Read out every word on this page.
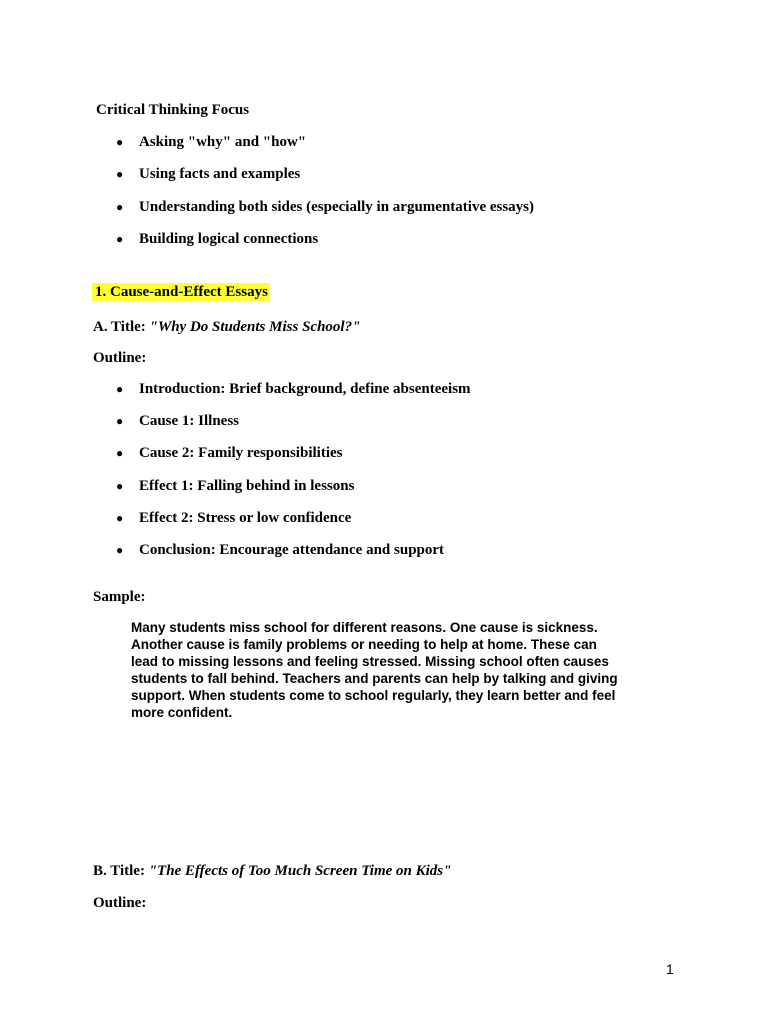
Critical Thinking Focus
● Asking "why" and "how"
● Using facts and examples
● Understanding both sides (especially in argumentative essays)
● Building logical connections
1. Cause-and-Effect Essays
A. Title: "Why Do Students Miss School?"
Outline:
● Introduction: Brief background, define absenteeism
● Cause 1: Illness
● Cause 2: Family responsibilities
● Effect 1: Falling behind in lessons
● Effect 2: Stress or low confidence
● Conclusion: Encourage attendance and support
Sample:
Many students miss school for different reasons. One cause is sickness.
Another cause is family problems or needing to help at home. These can
lead to missing lessons and feeling stressed. Missing school often causes
students to fall behind. Teachers and parents can help by talking and giving
support. When students come to school regularly, they learn better and feel
more confident.
B. Title: "The Effects of Too Much Screen Time on Kids"
Outline:
1
